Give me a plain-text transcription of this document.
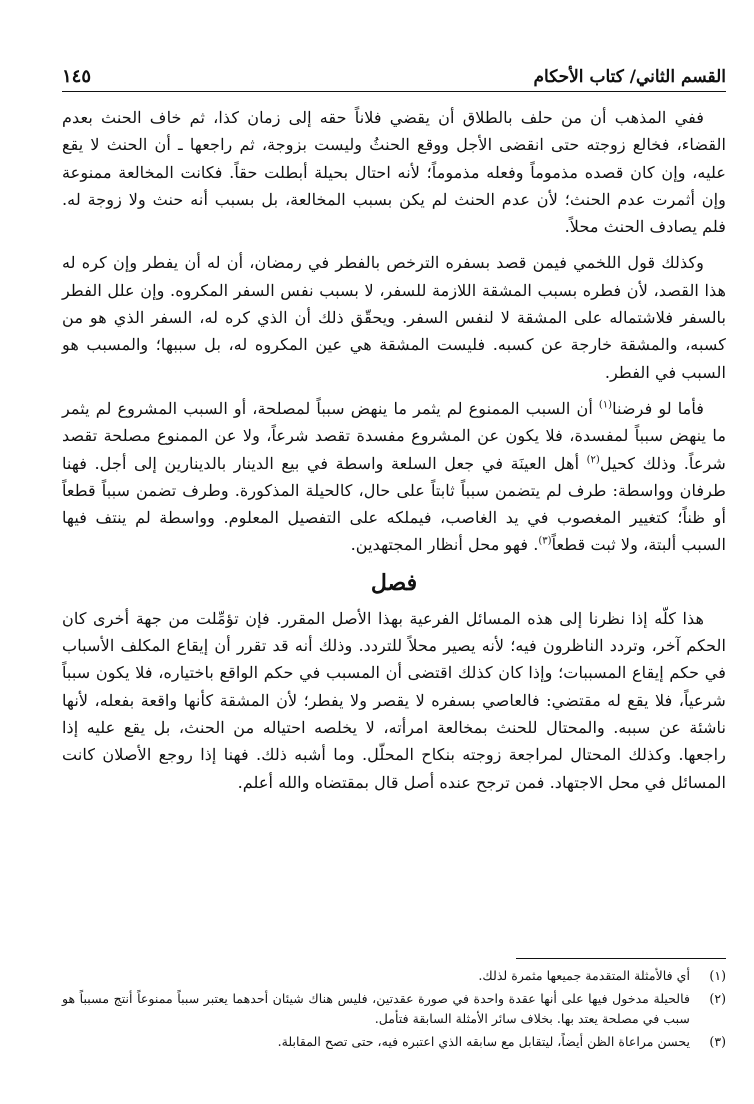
القسم الثاني/ كتاب الأحكام
١٤٥

ففي المذهب أن من حلف بالطلاق أن يقضي فلاناً حقه إلى زمان كذا، ثم خاف الحنث بعدم القضاء، فخالع زوجته حتى انقضى الأجل ووقع الحنثُ وليست بزوجة، ثم راجعها ـ أن الحنث لا يقع عليه، وإن كان قصده مذموماً وفعله مذموماً؛ لأنه احتال بحيلة أبطلت حقاً. فكانت المخالعة ممنوعة وإن أثمرت عدم الحنث؛ لأن عدم الحنث لم يكن بسبب المخالعة، بل بسبب أنه حنث ولا زوجة له. فلم يصادف الحنث محلاً.

وكذلك قول اللخمي فيمن قصد بسفره الترخص بالفطر في رمضان، أن له أن يفطر وإن كره له هذا القصد، لأن فطره بسبب المشقة اللازمة للسفر، لا بسبب نفس السفر المكروه. وإن علل الفطر بالسفر فلاشتماله على المشقة لا لنفس السفر. ويحقّق ذلك أن الذي كره له، السفر الذي هو من كسبه، والمشقة خارجة عن كسبه. فليست المشقة هي عين المكروه له، بل سببها؛ والمسبب هو السبب في الفطر.

فأما لو فرضنا$^{(١)}$ أن السبب الممنوع لم يثمر ما ينهض سبباً لمصلحة، أو السبب المشروع لم يثمر ما ينهض سبباً لمفسدة، فلا يكون عن المشروع مفسدة تقصد شرعاً، ولا عن الممنوع مصلحة تقصد شرعاً. وذلك كحيل$^{(٢)}$ أهل العينَة في جعل السلعة واسطة في بيع الدينار بالدينارين إلى أجل. فهنا طرفان وواسطة: طرف لم يتضمن سبباً ثابتاً على حال، كالحيلة المذكورة. وطرف تضمن سبباً قطعاً أو ظناً؛ كتغيير المغصوب في يد الغاصب، فيملكه على التفصيل المعلوم. وواسطة لم ينتف فيها السبب ألبتة، ولا ثبت قطعاً$^{(٣)}$. فهو محل أنظار المجتهدين.

فصل

هذا كلّه إذا نظرنا إلى هذه المسائل الفرعية بهذا الأصل المقرر. فإن تؤمِّلت من جهة أخرى كان الحكم آخر، وتردد الناظرون فيه؛ لأنه يصير محلاً للتردد. وذلك أنه قد تقرر أن إيقاع المكلف الأسباب في حكم إيقاع المسببات؛ وإذا كان كذلك اقتضى أن المسبب في حكم الواقع باختياره، فلا يكون سبباً شرعياً، فلا يقع له مقتضي: فالعاصي بسفره لا يقصر ولا يفطر؛ لأن المشقة كأنها واقعة بفعله، لأنها ناشئة عن سببه. والمحتال للحنث بمخالعة امرأته، لا يخلصه احتياله من الحنث، بل يقع عليه إذا راجعها. وكذلك المحتال لمراجعة زوجته بنكاح المحلّل. وما أشبه ذلك. فهنا إذا روجع الأصلان كانت المسائل في محل الاجتهاد. فمن ترجح عنده أصل قال بمقتضاه والله أعلم.

(١)
أي فالأمثلة المتقدمة جميعها مثمرة لذلك.
(٢)
فالحيلة مدخول فيها على أنها عقدة واحدة في صورة عقدتين، فليس هناك شيئان أحدهما يعتبر سبباً ممنوعاً أنتج مسبباً هو سبب في مصلحة يعتد بها. بخلاف سائر الأمثلة السابقة فتأمل.
(٣)
يحسن مراعاة الظن أيضاً، ليتقابل مع سابقه الذي اعتبره فيه، حتى تصح المقابلة.
